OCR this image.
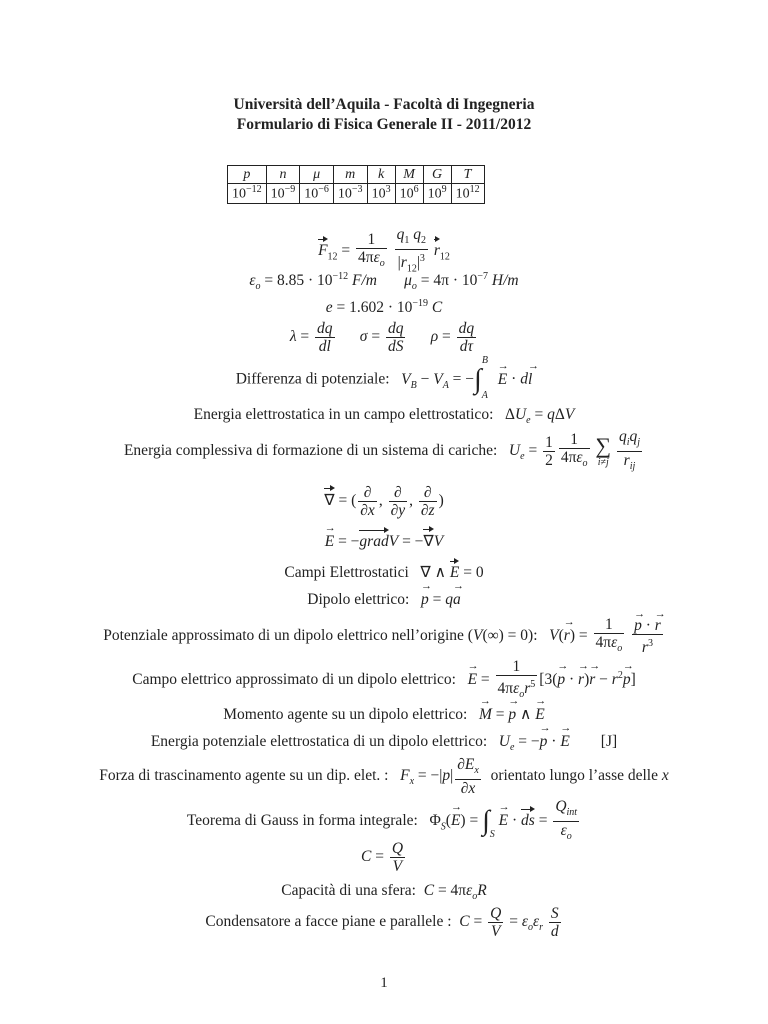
Università dell’Aquila - Facoltà di Ingegneria
Formulario di Fisica Generale II - 2011/2012
p	n	μ	m	k	M	G	T
$10^{-12}$	$10^{-9}$	$10^{-6}$	$10^{-3}$	$10^3$	$10^6$	$10^9$	$10^{12}$
$F_{12} = \frac{1}{4\pi\varepsilon_o}$
$\frac{q_1 q_2}{|r_{12}|^3} r_{12}$
$\varepsilon_o = 8.85 \cdot 10^{-12}$ F/m $\mu_o = 4\pi \cdot 10^{-7}$ H/m
$e = 1.602 \cdot 10^{-19}$ C
$\lambda = \frac{dq}{dl}$ $\sigma = \frac{dq}{dS}$ $\rho = \frac{dq}{d\tau}$
Differenza di potenziale: $V_B - V_A = -\int_A^B \to E \cdot d\to l$
Energia elettrostatica in un campo elettrostatico:   $\Delta U_e = q\Delta V$
Energia complessiva di formazione di un sistema di cariche: $U_e = \frac{1}{2} \frac{1}{4\pi\varepsilon_o}$
∑
i≠j
$\frac{q_iq_j}{r_{ij}}$
∇ = ( $\frac{\partial}{\partial x}$ , $\frac{\partial}{\partial y}$ , $\frac{\partial}{\partial z}$ )
→ E = −gradV = −∇V
Campi Elettrostatici   ∇ ∧ E = 0
Dipolo elettrico: → p = q→ a
Potenziale approssimato di un dipolo elettrico nell’origine (V(∞) = 0):   $V(\to r) = \frac{1}{4\pi\varepsilon_o}$
→ $\frac{p \cdot \to r}{r^3}$
Campo elettrico approssimato di un dipolo elettrico: → $E = \frac{1}{4\pi\varepsilon_or^5} [3(\to p$ · → $r)\to r - r^2\to p$]
Momento agente su un dipolo elettrico: → M = → p ∧ → E
Energia potenziale elettrostatica di un dipolo elettrico: $U_e$ = −→ p · → E [J]
Forza di trascinamento agente su un dip. elet. : $F_x = -|p| \frac{\partial E_x}{\partial x}$ orientato lungo l’asse delle x
Teorema di Gauss in forma integrale:   $\Phi_S(\to E) = \int_S \to E$ · ds = $\frac{Q_{int}}{\varepsilon_o}$
$C = \frac{Q}{V}$
Capacità di una sfera: $C = 4\pi\varepsilon_oR$
Condensatore a facce piane e parallele : $C = \frac{Q}{V} = \varepsilon_o\varepsilon_r \frac{S}{d}$
1
